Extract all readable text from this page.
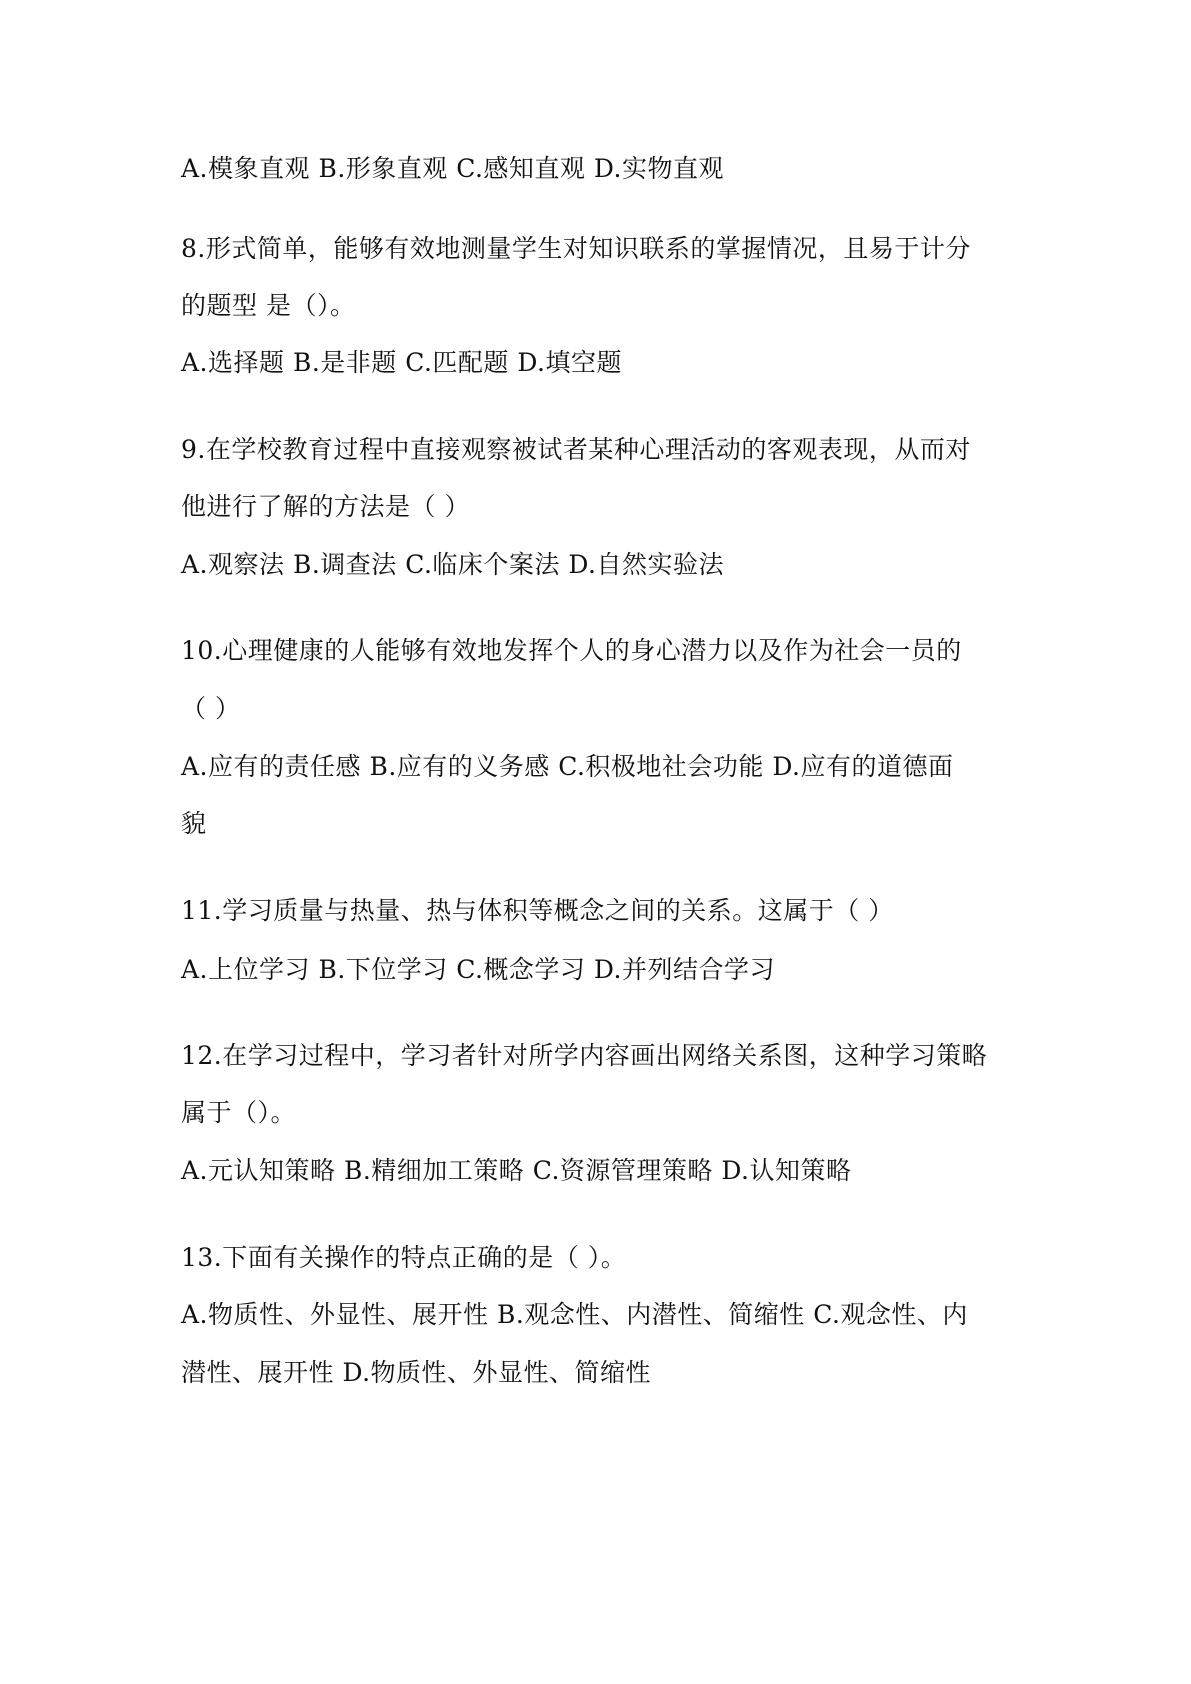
A.模象直观 B.形象直观 C.感知直观 D.实物直观
8.形式简单，能够有效地测量学生对知识联系的掌握情况，且易于计分
的题型 是（）。
A.选择题 B.是非题 C.匹配题 D.填空题
9.在学校教育过程中直接观察被试者某种心理活动的客观表现，从而对
他进行了解的方法是（ ）
A.观察法 B.调查法 C.临床个案法 D.自然实验法
10.心理健康的人能够有效地发挥个人的身心潜力以及作为社会一员的
（ ）
A.应有的责任感 B.应有的义务感 C.积极地社会功能 D.应有的道德面
貌
11.学习质量与热量、热与体积等概念之间的关系。这属于（ ）
A.上位学习 B.下位学习 C.概念学习 D.并列结合学习
12.在学习过程中，学习者针对所学内容画出网络关系图，这种学习策略
属于（）。
A.元认知策略 B.精细加工策略 C.资源管理策略 D.认知策略
13.下面有关操作的特点正确的是（ ）。
A.物质性、外显性、展开性 B.观念性、内潜性、简缩性 C.观念性、内
潜性、展开性 D.物质性、外显性、简缩性
